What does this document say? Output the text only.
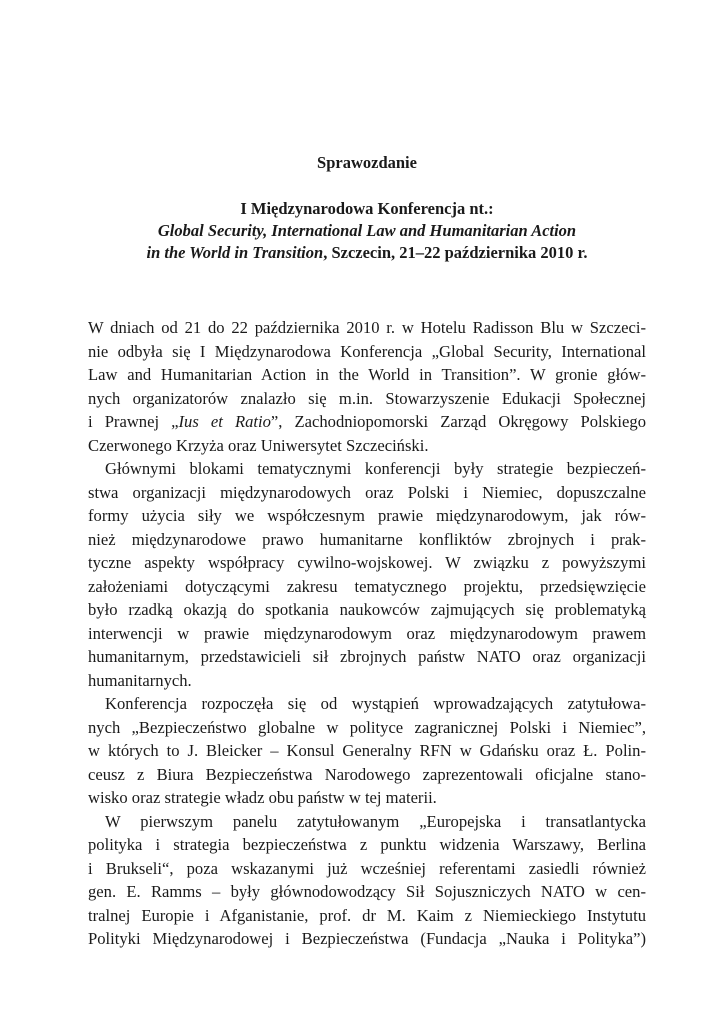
Sprawozdanie

I Międzynarodowa Konferencja nt.:
Global Security, International Law and Humanitarian Action
in the World in Transition, Szczecin, 21–22 października 2010 r.

W dniach od 21 do 22 października 2010 r. w Hotelu Radisson Blu w Szczeci-
nie odbyła się I Międzynarodowa Konferencja „Global Security, International
Law and Humanitarian Action in the World in Transition”. W gronie głów-
nych organizatorów znalazło się m.in. Stowarzyszenie Edukacji Społecznej
i Prawnej „Ius et Ratio”, Zachodniopomorski Zarząd Okręgowy Polskiego
Czerwonego Krzyża oraz Uniwersytet Szczeciński.
Głównymi blokami tematycznymi konferencji były strategie bezpieczeń-
stwa organizacji międzynarodowych oraz Polski i Niemiec, dopuszczalne
formy użycia siły we współczesnym prawie międzynarodowym, jak rów-
nież międzynarodowe prawo humanitarne konfliktów zbrojnych i prak-
tyczne aspekty współpracy cywilno-wojskowej. W związku z powyższymi
założeniami dotyczącymi zakresu tematycznego projektu, przedsięwzięcie
było rzadką okazją do spotkania naukowców zajmujących się problematyką
interwencji w prawie międzynarodowym oraz międzynarodowym prawem
humanitarnym, przedstawicieli sił zbrojnych państw NATO oraz organizacji
humanitarnych.
Konferencja rozpoczęła się od wystąpień wprowadzających zatytułowa-
nych „Bezpieczeństwo globalne w polityce zagranicznej Polski i Niemiec”,
w których to J. Bleicker – Konsul Generalny RFN w Gdańsku oraz Ł. Polin-
ceusz z Biura Bezpieczeństwa Narodowego zaprezentowali oficjalne stano-
wisko oraz strategie władz obu państw w tej materii.
W pierwszym panelu zatytułowanym „Europejska i transatlantycka
polityka i strategia bezpieczeństwa z punktu widzenia Warszawy, Berlina
i Brukseli“, poza wskazanymi już wcześniej referentami zasiedli również
gen. E. Ramms – były głównodowodzący Sił Sojuszniczych NATO w cen-
tralnej Europie i Afganistanie, prof. dr M. Kaim z Niemieckiego Instytutu
Polityki Międzynarodowej i Bezpieczeństwa (Fundacja „Nauka i Polityka”)
